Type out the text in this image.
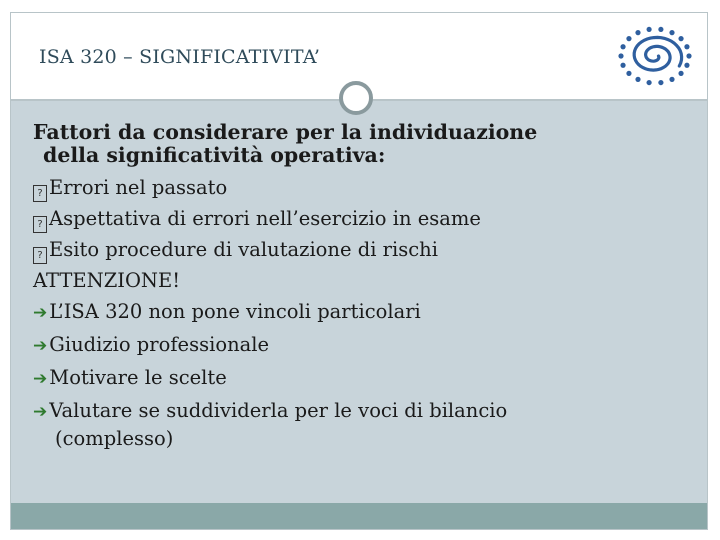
ISA 320 – SIGNIFICATIVITA’
Fattori da considerare per la individuazione
della significatività operativa:
? Errori nel passato
? Aspettativa di errori nell’esercizio in esame
? Esito procedure di valutazione di rischi
ATTENZIONE!
➔ L’ISA 320 non pone vincoli particolari
➔ Giudizio professionale
➔ Motivare le scelte
➔ Valutare se suddividerla per le voci di bilancio
(complesso)
